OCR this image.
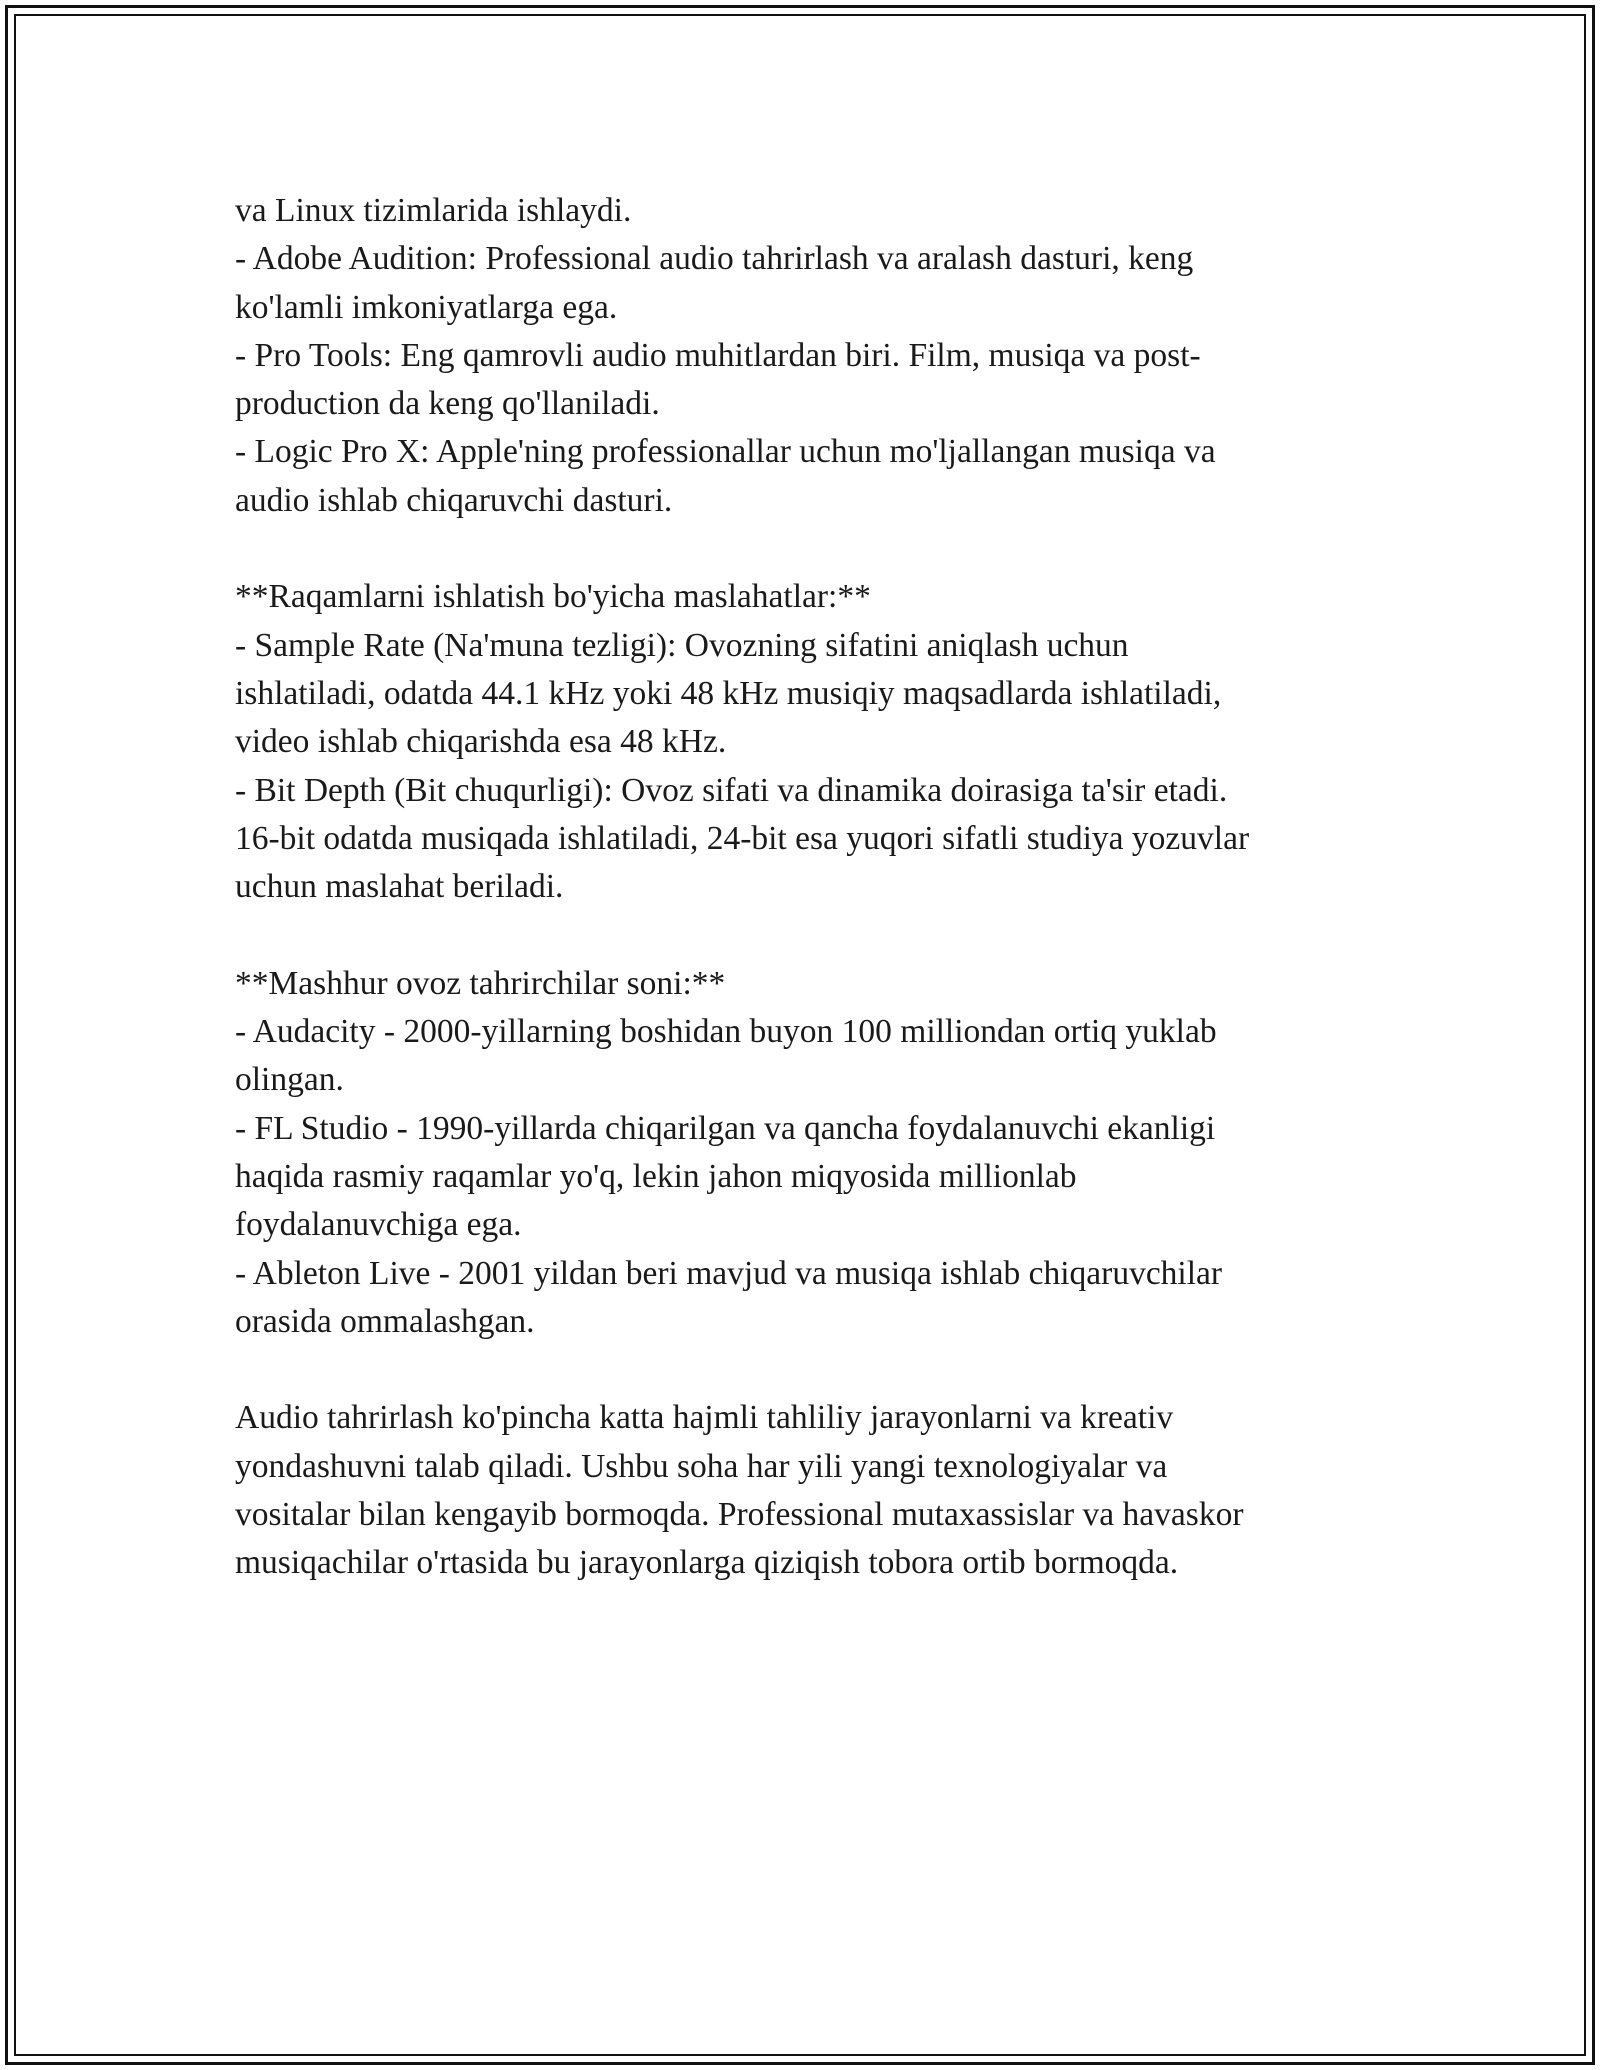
va Linux tizimlarida ishlaydi.
- Adobe Audition: Professional audio tahrirlash va aralash dasturi, keng
ko'lamli imkoniyatlarga ega.
- Pro Tools: Eng qamrovli audio muhitlardan biri. Film, musiqa va post-
production da keng qo'llaniladi.
- Logic Pro X: Apple'ning professionallar uchun mo'ljallangan musiqa va
audio ishlab chiqaruvchi dasturi.
**Raqamlarni ishlatish bo'yicha maslahatlar:**
- Sample Rate (Na'muna tezligi): Ovozning sifatini aniqlash uchun
ishlatiladi, odatda 44.1 kHz yoki 48 kHz musiqiy maqsadlarda ishlatiladi,
video ishlab chiqarishda esa 48 kHz.
- Bit Depth (Bit chuqurligi): Ovoz sifati va dinamika doirasiga ta'sir etadi.
16-bit odatda musiqada ishlatiladi, 24-bit esa yuqori sifatli studiya yozuvlar
uchun maslahat beriladi.
**Mashhur ovoz tahrirchilar soni:**
- Audacity - 2000-yillarning boshidan buyon 100 milliondan ortiq yuklab
olingan.
- FL Studio - 1990-yillarda chiqarilgan va qancha foydalanuvchi ekanligi
haqida rasmiy raqamlar yo'q, lekin jahon miqyosida millionlab
foydalanuvchiga ega.
- Ableton Live - 2001 yildan beri mavjud va musiqa ishlab chiqaruvchilar
orasida ommalashgan.
Audio tahrirlash ko'pincha katta hajmli tahliliy jarayonlarni va kreativ
yondashuvni talab qiladi. Ushbu soha har yili yangi texnologiyalar va
vositalar bilan kengayib bormoqda. Professional mutaxassislar va havaskor
musiqachilar o'rtasida bu jarayonlarga qiziqish tobora ortib bormoqda.
